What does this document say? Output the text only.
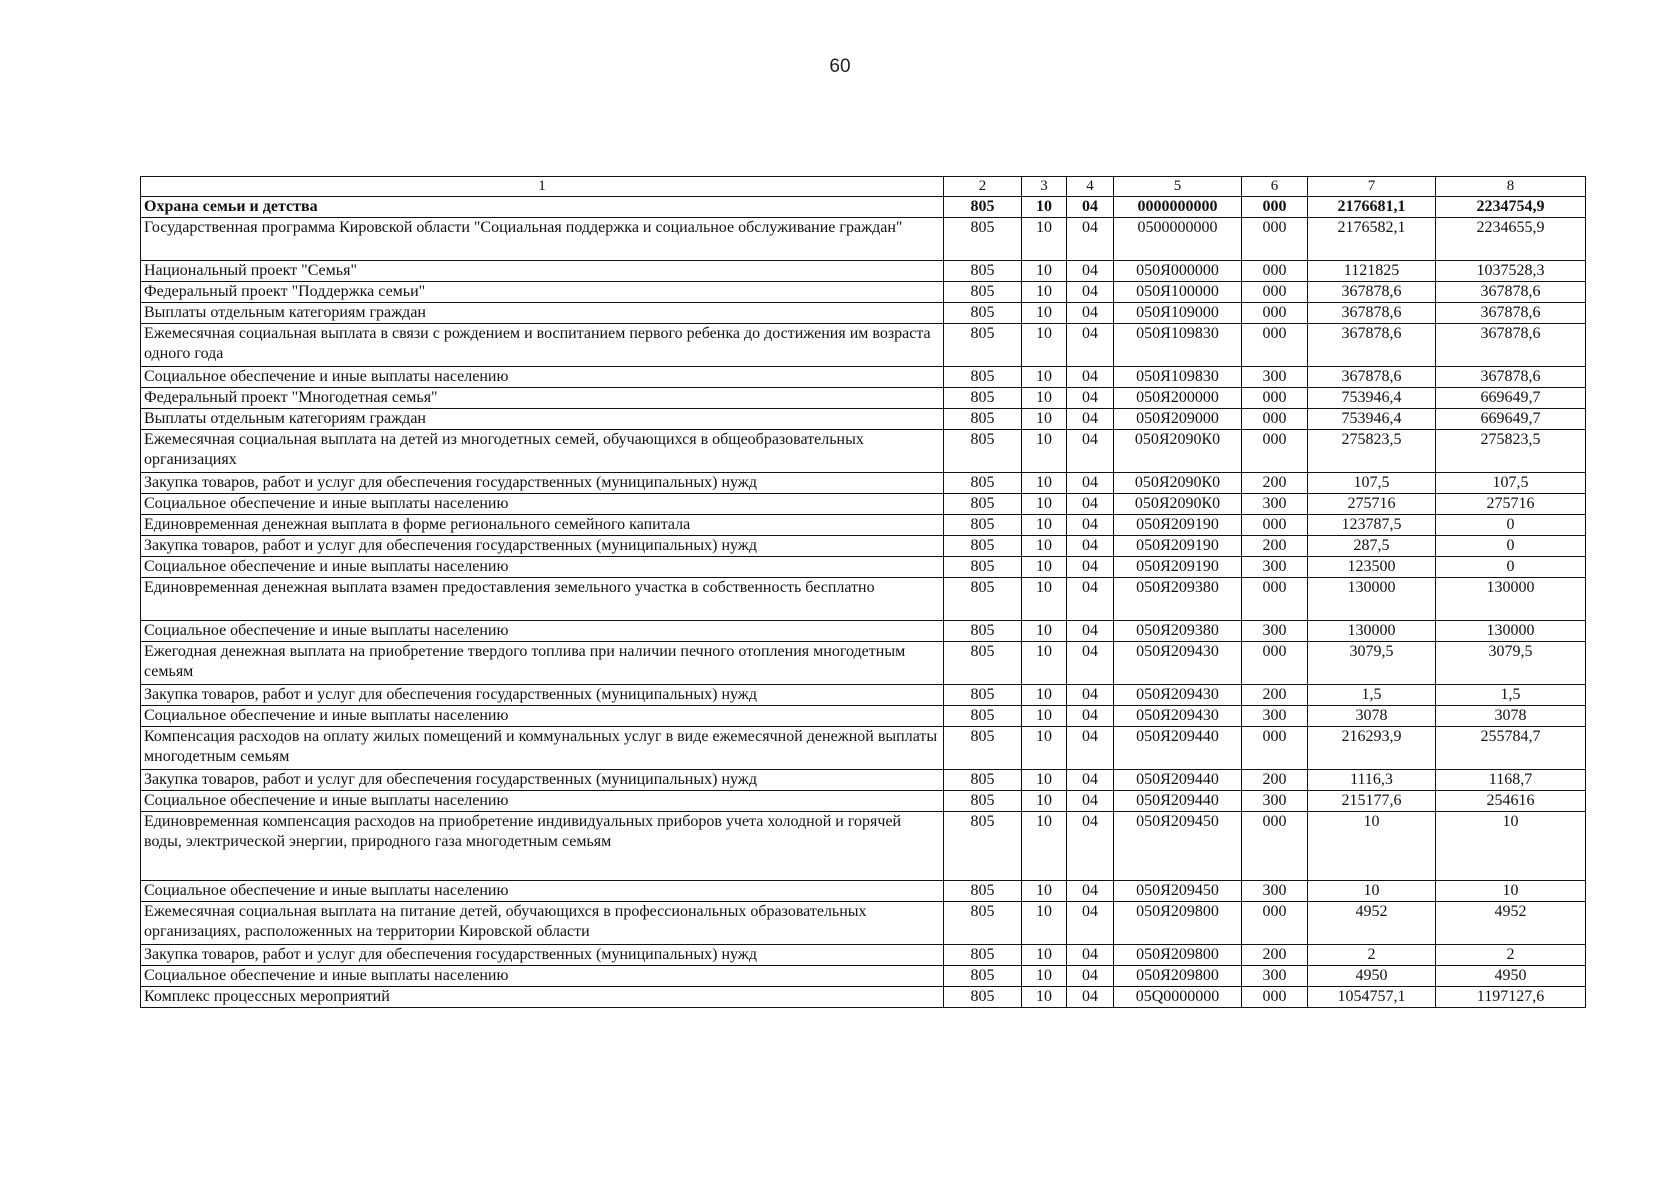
60
1	2	3	4	5	6	7	8
Охрана семьи и детства	805	10	04	0000000000	000	2176681,1	2234754,9
Государственная программа Кировской области "Социальная поддержка и социальное обслуживание граждан"	805	10	04	0500000000	000	2176582,1	2234655,9
Национальный проект "Семья"	805	10	04	050Я000000	000	1121825	1037528,3
Федеральный проект "Поддержка семьи"	805	10	04	050Я100000	000	367878,6	367878,6
Выплаты отдельным категориям граждан	805	10	04	050Я109000	000	367878,6	367878,6
Ежемесячная социальная выплата в связи с рождением и воспитанием первого ребенка до достижения им возраста одного года	805	10	04	050Я109830	000	367878,6	367878,6
Социальное обеспечение и иные выплаты населению	805	10	04	050Я109830	300	367878,6	367878,6
Федеральный проект "Многодетная семья"	805	10	04	050Я200000	000	753946,4	669649,7
Выплаты отдельным категориям граждан	805	10	04	050Я209000	000	753946,4	669649,7
Ежемесячная социальная выплата на детей из многодетных семей, обучающихся в общеобразовательных организациях	805	10	04	050Я2090К0	000	275823,5	275823,5
Закупка товаров, работ и услуг для обеспечения государственных (муниципальных) нужд	805	10	04	050Я2090К0	200	107,5	107,5
Социальное обеспечение и иные выплаты населению	805	10	04	050Я2090К0	300	275716	275716
Единовременная денежная выплата в форме регионального семейного капитала	805	10	04	050Я209190	000	123787,5	0
Закупка товаров, работ и услуг для обеспечения государственных (муниципальных) нужд	805	10	04	050Я209190	200	287,5	0
Социальное обеспечение и иные выплаты населению	805	10	04	050Я209190	300	123500	0
Единовременная денежная выплата взамен предоставления земельного участка в собственность бесплатно	805	10	04	050Я209380	000	130000	130000
Социальное обеспечение и иные выплаты населению	805	10	04	050Я209380	300	130000	130000
Ежегодная денежная выплата на приобретение твердого топлива при наличии печного отопления многодетным семьям	805	10	04	050Я209430	000	3079,5	3079,5
Закупка товаров, работ и услуг для обеспечения государственных (муниципальных) нужд	805	10	04	050Я209430	200	1,5	1,5
Социальное обеспечение и иные выплаты населению	805	10	04	050Я209430	300	3078	3078
Компенсация расходов на оплату жилых помещений и коммунальных услуг в виде ежемесячной денежной выплаты многодетным семьям	805	10	04	050Я209440	000	216293,9	255784,7
Закупка товаров, работ и услуг для обеспечения государственных (муниципальных) нужд	805	10	04	050Я209440	200	1116,3	1168,7
Социальное обеспечение и иные выплаты населению	805	10	04	050Я209440	300	215177,6	254616
Единовременная компенсация расходов на приобретение индивидуальных приборов учета холодной и горячей воды, электрической энергии, природного газа многодетным семьям	805	10	04	050Я209450	000	10	10
Социальное обеспечение и иные выплаты населению	805	10	04	050Я209450	300	10	10
Ежемесячная социальная выплата на питание детей, обучающихся в профессиональных образовательных организациях, расположенных на территории Кировской области	805	10	04	050Я209800	000	4952	4952
Закупка товаров, работ и услуг для обеспечения государственных (муниципальных) нужд	805	10	04	050Я209800	200	2	2
Социальное обеспечение и иные выплаты населению	805	10	04	050Я209800	300	4950	4950
Комплекс процессных мероприятий	805	10	04	05Q0000000	000	1054757,1	1197127,6
